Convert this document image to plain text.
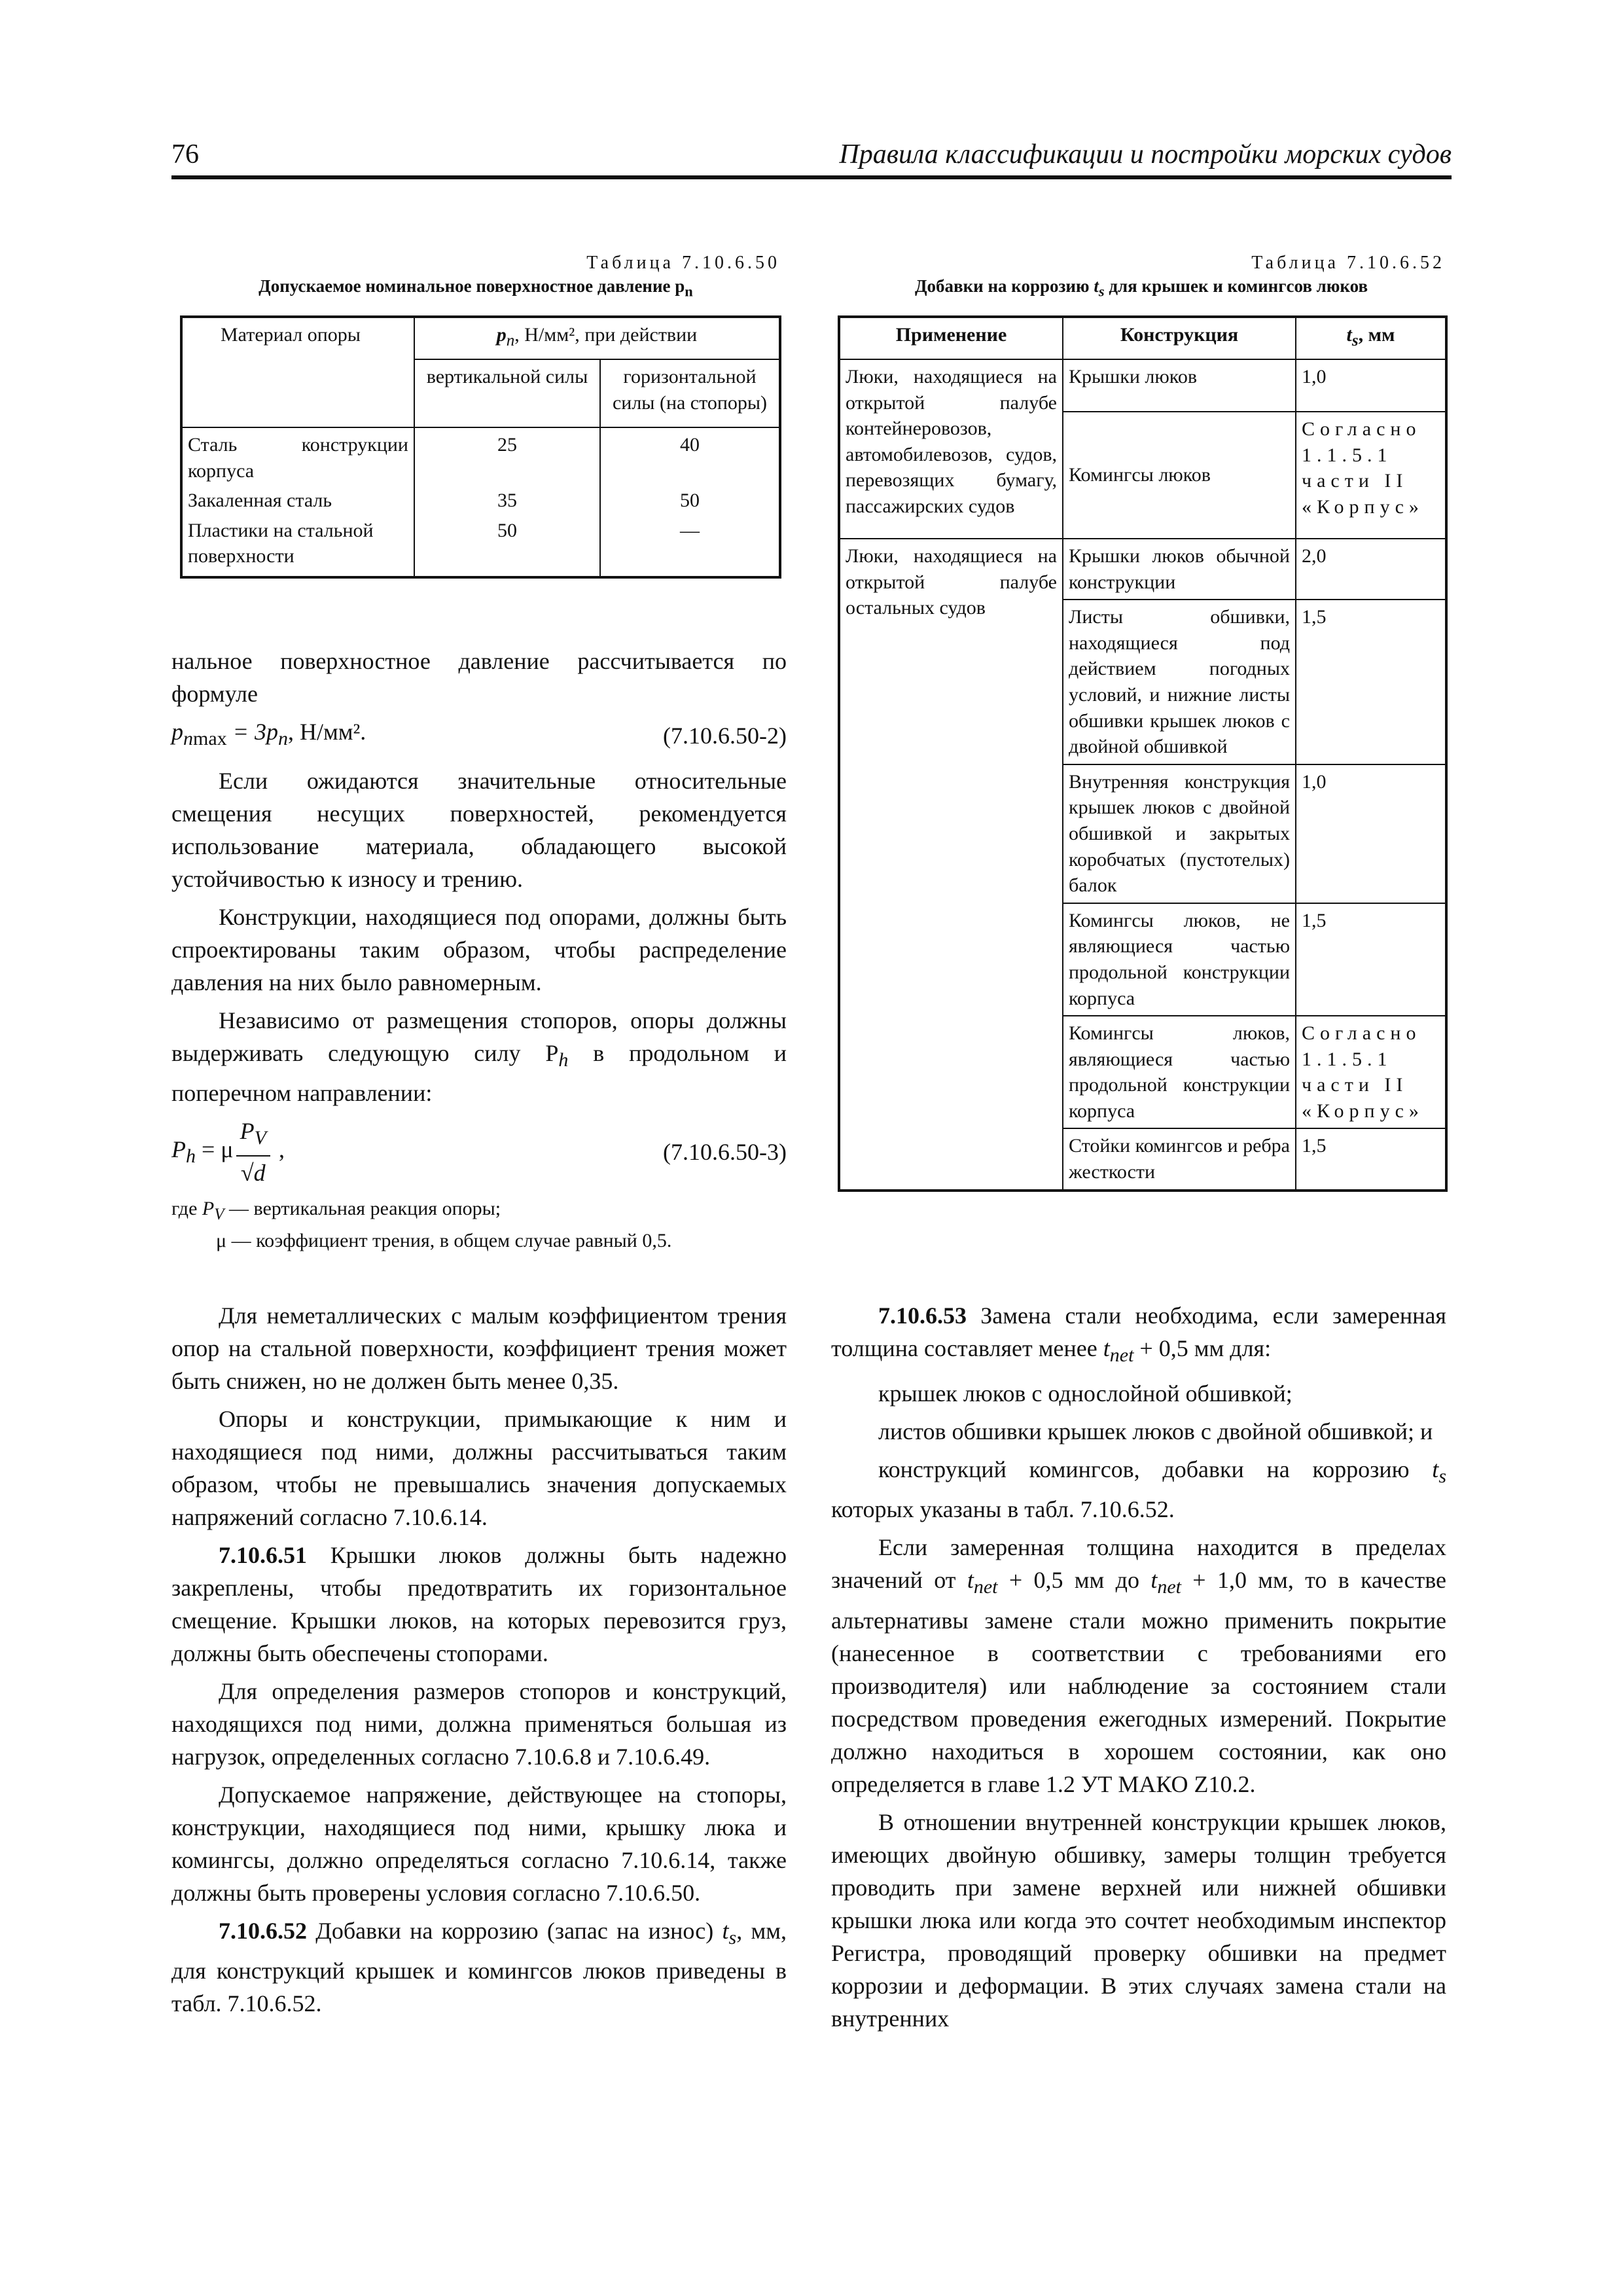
76	Правила классификации и постройки морских судов
Таблица 7.10.6.50
Допускаемое номинальное поверхностное давление $p_n$
Материал опоры	$p_n$, Н/мм², при действии	
	вертикальной силы	горизонтальной силы (на стопоры)
Сталь конструкции корпуса	25	40
Закаленная сталь	35	50
Пластики на стальной поверхности	50	—
Таблица 7.10.6.52
Добавки на коррозию $t_s$ для крышек и комингсов люков
Применение	Конструкция	$t_s$, мм
Люки, находящиеся на открытой палубе контейнеровозов, автомобилевозов, судов, перевозящих бумагу, пассажирских судов	Крышки люков	1,0
	Комингсы люков	Согласно 1.1.5.1 части II «Корпус»
Люки, находящиеся на открытой палубе остальных судов	Крышки люков обычной конструкции	2,0
	Листы обшивки, находящиеся под действием погодных условий, и нижние листы обшивки крышек люков с двойной обшивкой	1,5
	Внутренняя конструкция крышек люков с двойной обшивкой и закрытых коробчатых (пустотелых) балок	1,0
	Комингсы люков, не являющиеся частью продольной конструкции корпуса	1,5
	Комингсы люков, являющиеся частью продольной конструкции корпуса	Согласно 1.1.5.1 части II «Корпус»
	Стойки комингсов и ребра жесткости	1,5

нальное поверхностное давление рассчитывается по формуле

$p_{nmax} = 3p_n$, Н/мм².	(7.10.6.50-2)

Если ожидаются значительные относительные смещения несущих поверхностей, рекомендуется использование материала, обладающего высокой устойчивостью к износу и трению.

Конструкции, находящиеся под опорами, должны быть спроектированы таким образом, чтобы распределение давления на них было равномерным.

Независимо от размещения стопоров, опоры должны выдерживать следующую силу $P_h$ в продольном и поперечном направлении:

$P_h = \mu \frac{P_V}{√d}$ ,	(7.10.6.50-3)
где $P_V$ — вертикальная реакция опоры;
μ — коэффициент трения, в общем случае равный 0,5.

Для неметаллических с малым коэффициентом трения опор на стальной поверхности, коэффициент трения может быть снижен, но не должен быть менее 0,35.

Опоры и конструкции, примыкающие к ним и находящиеся под ними, должны рассчитываться таким образом, чтобы не превышались значения допускаемых напряжений согласно 7.10.6.14.

7.10.6.51 Крышки люков должны быть надежно закреплены, чтобы предотвратить их горизонтальное смещение. Крышки люков, на которых перевозится груз, должны быть обеспечены стопорами.

Для определения размеров стопоров и конструкций, находящихся под ними, должна применяться большая из нагрузок, определенных согласно 7.10.6.8 и 7.10.6.49.

Допускаемое напряжение, действующее на стопоры, конструкции, находящиеся под ними, крышку люка и комингсы, должно определяться согласно 7.10.6.14, также должны быть проверены условия согласно 7.10.6.50.

7.10.6.52 Добавки на коррозию (запас на износ) $t_s$, мм, для конструкций крышек и комингсов люков приведены в табл. 7.10.6.52.

7.10.6.53 Замена стали необходима, если замеренная толщина составляет менее $t_{net} + 0,5$ мм для:

крышек люков с однослойной обшивкой;

листов обшивки крышек люков с двойной обшивкой; и

конструкций комингсов, добавки на коррозию $t_s$ которых указаны в табл. 7.10.6.52.

Если замеренная толщина находится в пределах значений от $t_{net} + 0,5$ мм до $t_{net} + 1,0$ мм, то в качестве альтернативы замене стали можно применить покрытие (нанесенное в соответствии с требованиями его производителя) или наблюдение за состоянием стали посредством проведения ежегодных измерений. Покрытие должно находиться в хорошем состоянии, как оно определяется в главе 1.2 УТ МАКО Z10.2.

В отношении внутренней конструкции крышек люков, имеющих двойную обшивку, замеры толщин требуется проводить при замене верхней или нижней обшивки крышки люка или когда это сочтет необходимым инспектор Регистра, проводящий проверку обшивки на предмет коррозии и деформации. В этих случаях замена стали на внутренних
